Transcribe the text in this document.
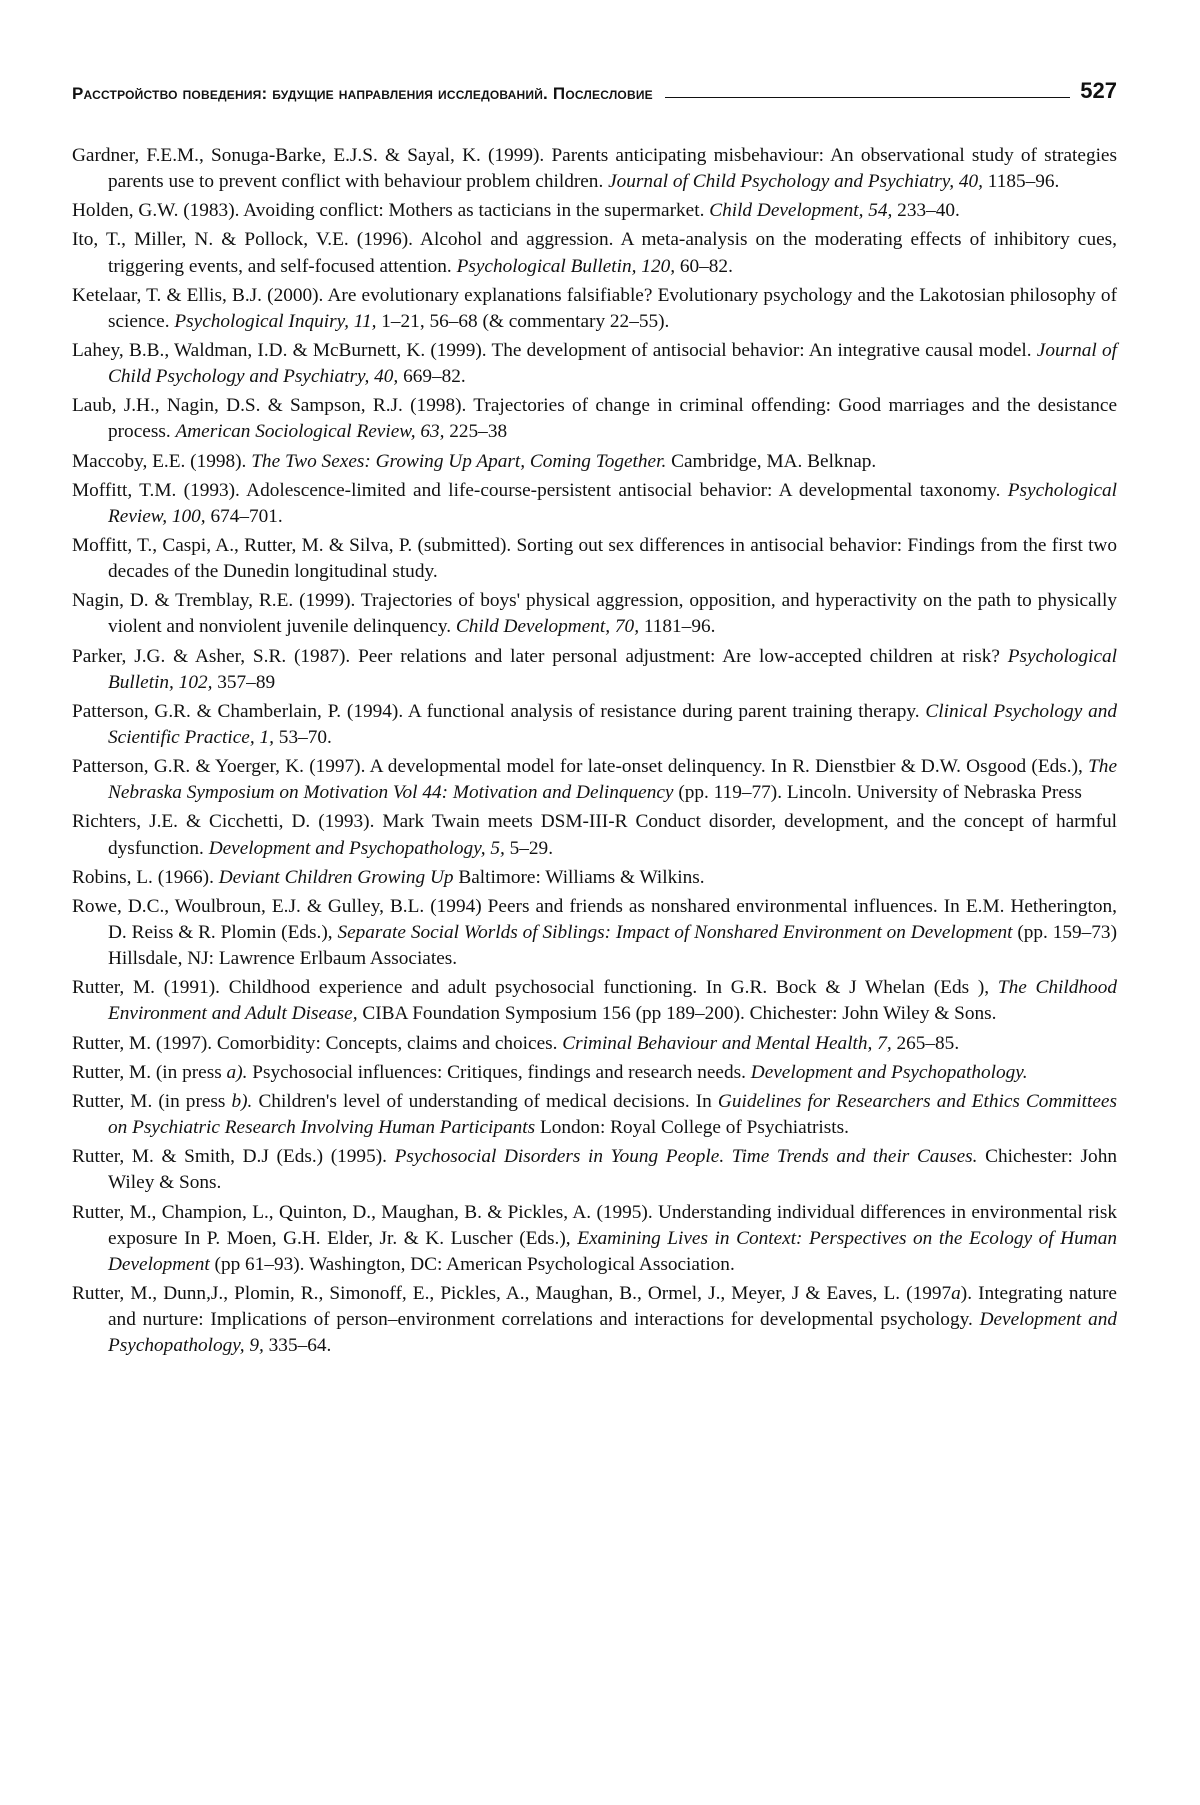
Расстройство поведения: будущие направления исследований. Послесловие	527

Gardner, F.E.M., Sonuga-Barke, E.J.S. & Sayal, K. (1999). Parents anticipating misbehaviour: An observational study of strategies parents use to prevent conflict with behaviour problem children. Journal of Child Psychology and Psychiatry, 40, 1185–96.

Holden, G.W. (1983). Avoiding conflict: Mothers as tacticians in the supermarket. Child Development, 54, 233–40.

Ito, T., Miller, N. & Pollock, V.E. (1996). Alcohol and aggression. A meta-analysis on the moderating effects of inhibitory cues, triggering events, and self-focused attention. Psychological Bulletin, 120, 60–82.

Ketelaar, T. & Ellis, B.J. (2000). Are evolutionary explanations falsifiable? Evolutionary psychology and the Lakotosian philosophy of science. Psychological Inquiry, 11, 1–21, 56–68 (& commentary 22–55).

Lahey, B.B., Waldman, I.D. & McBurnett, K. (1999). The development of antisocial behavior: An integrative causal model. Journal of Child Psychology and Psychiatry, 40, 669–82.

Laub, J.H., Nagin, D.S. & Sampson, R.J. (1998). Trajectories of change in criminal offending: Good marriages and the desistance process. American Sociological Review, 63, 225–38

Maccoby, E.E. (1998). The Two Sexes: Growing Up Apart, Coming Together. Cambridge, MA. Belknap.

Moffitt, T.M. (1993). Adolescence-limited and life-course-persistent antisocial behavior: A developmental taxonomy. Psychological Review, 100, 674–701.

Moffitt, T., Caspi, A., Rutter, M. & Silva, P. (submitted). Sorting out sex differences in antisocial behavior: Findings from the first two decades of the Dunedin longitudinal study.

Nagin, D. & Tremblay, R.E. (1999). Trajectories of boys' physical aggression, opposition, and hyperactivity on the path to physically violent and nonviolent juvenile delinquency. Child Development, 70, 1181–96.

Parker, J.G. & Asher, S.R. (1987). Peer relations and later personal adjustment: Are low-accepted children at risk? Psychological Bulletin, 102, 357–89

Patterson, G.R. & Chamberlain, P. (1994). A functional analysis of resistance during parent training therapy. Clinical Psychology and Scientific Practice, 1, 53–70.

Patterson, G.R. & Yoerger, K. (1997). A developmental model for late-onset delinquency. In R. Dienstbier & D.W. Osgood (Eds.), The Nebraska Symposium on Motivation Vol 44: Motivation and Delinquency (pp. 119–77). Lincoln. University of Nebraska Press

Richters, J.E. & Cicchetti, D. (1993). Mark Twain meets DSM-III-R Conduct disorder, development, and the concept of harmful dysfunction. Development and Psychopathology, 5, 5–29.

Robins, L. (1966). Deviant Children Growing Up Baltimore: Williams & Wilkins.

Rowe, D.C., Woulbroun, E.J. & Gulley, B.L. (1994) Peers and friends as nonshared environmental influences. In E.M. Hetherington, D. Reiss & R. Plomin (Eds.), Separate Social Worlds of Siblings: Impact of Nonshared Environment on Development (pp. 159–73) Hillsdale, NJ: Lawrence Erlbaum Associates.

Rutter, M. (1991). Childhood experience and adult psychosocial functioning. In G.R. Bock & J Whelan (Eds ), The Childhood Environment and Adult Disease, CIBA Foundation Symposium 156 (pp 189–200). Chichester: John Wiley & Sons.

Rutter, M. (1997). Comorbidity: Concepts, claims and choices. Criminal Behaviour and Mental Health, 7, 265–85.

Rutter, M. (in press a). Psychosocial influences: Critiques, findings and research needs. Development and Psychopathology.

Rutter, M. (in press b). Children's level of understanding of medical decisions. In Guidelines for Researchers and Ethics Committees on Psychiatric Research Involving Human Participants London: Royal College of Psychiatrists.

Rutter, M. & Smith, D.J (Eds.) (1995). Psychosocial Disorders in Young People. Time Trends and their Causes. Chichester: John Wiley & Sons.

Rutter, M., Champion, L., Quinton, D., Maughan, B. & Pickles, A. (1995). Understanding individual differences in environmental risk exposure In P. Moen, G.H. Elder, Jr. & K. Luscher (Eds.), Examining Lives in Context: Perspectives on the Ecology of Human Development (pp 61–93). Washington, DC: American Psychological Association.

Rutter, M., Dunn,J., Plomin, R., Simonoff, E., Pickles, A., Maughan, B., Ormel, J., Meyer, J & Eaves, L. (1997a). Integrating nature and nurture: Implications of person–environment correlations and interactions for developmental psychology. Development and Psychopathology, 9, 335–64.
